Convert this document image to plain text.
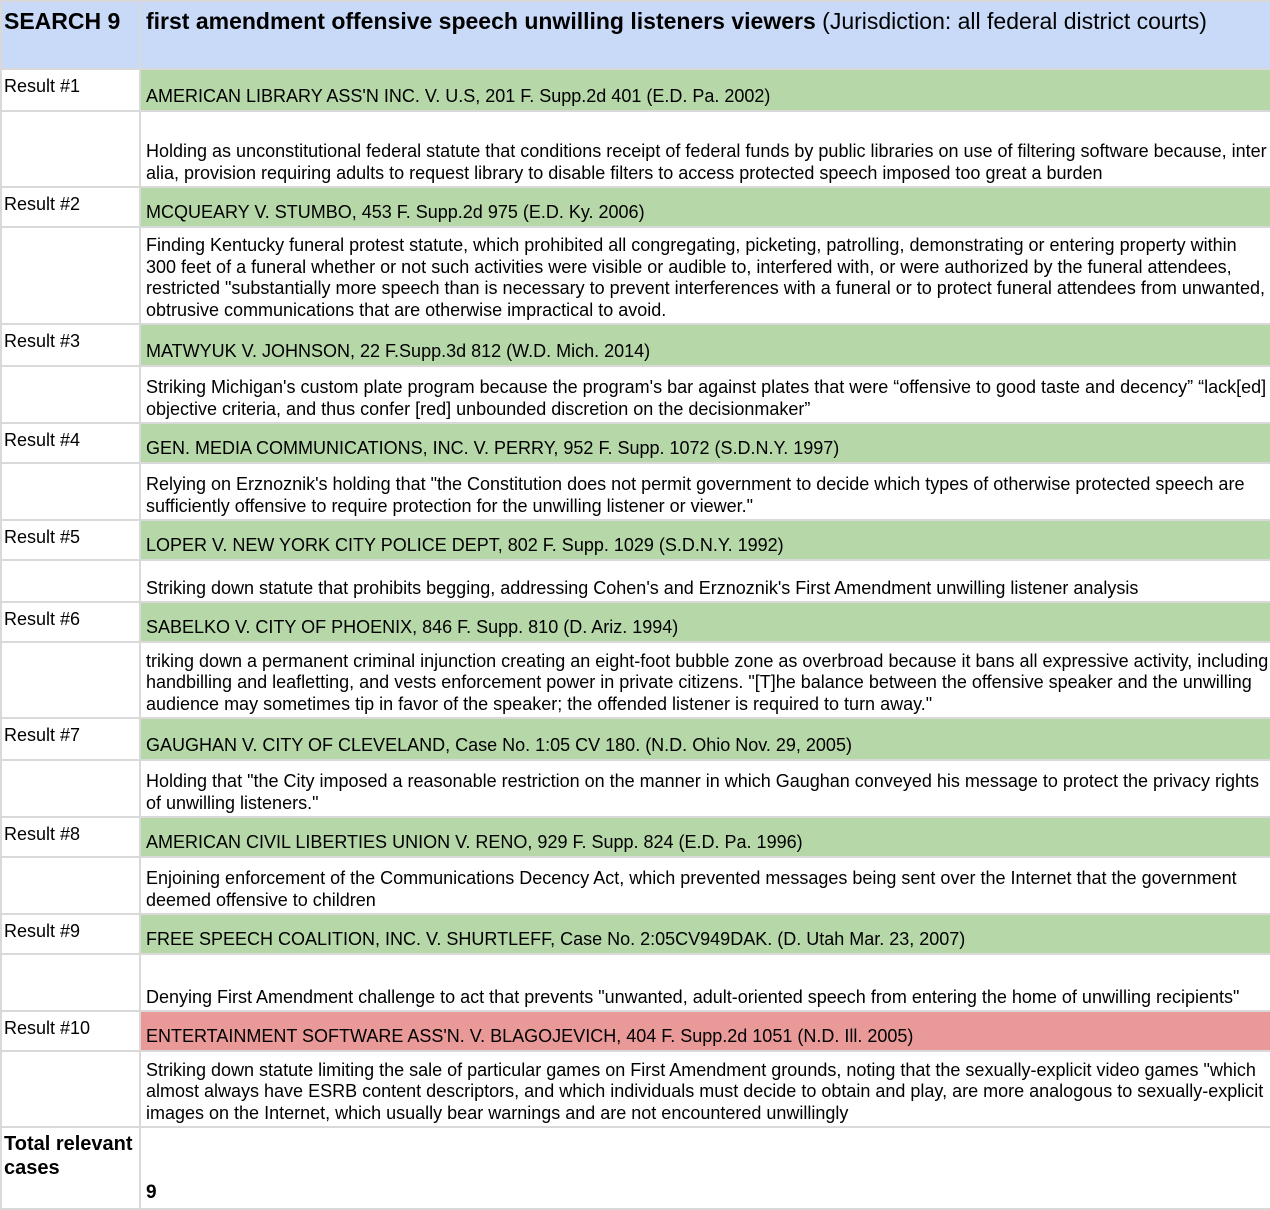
SEARCH 9	first amendment offensive speech unwilling listeners viewers (Jurisdiction: all federal district courts)
Result #1	AMERICAN LIBRARY ASS'N INC. V. U.S, 201 F. Supp.2d 401 (E.D. Pa. 2002)
	Holding as unconstitutional federal statute that conditions receipt of federal funds by public libraries on use of filtering software because, inter alia, provision requiring adults to request library to disable filters to access protected speech imposed too great a burden
Result #2	MCQUEARY V. STUMBO, 453 F. Supp.2d 975 (E.D. Ky. 2006)
	Finding Kentucky funeral protest statute, which prohibited all congregating, picketing, patrolling, demonstrating or entering property within 300 feet of a funeral whether or not such activities were visible or audible to, interfered with, or were authorized by the funeral attendees, restricted "substantially more speech than is necessary to prevent interferences with a funeral or to protect funeral attendees from unwanted, obtrusive communications that are otherwise impractical to avoid.
Result #3	MATWYUK V. JOHNSON, 22 F.Supp.3d 812 (W.D. Mich. 2014)
	Striking Michigan's custom plate program because the program's bar against plates that were “offensive to good taste and decency” “lack[ed] objective criteria, and thus confer [red] unbounded discretion on the decisionmaker”
Result #4	GEN. MEDIA COMMUNICATIONS, INC. V. PERRY, 952 F. Supp. 1072 (S.D.N.Y. 1997)
	Relying on Erznoznik's holding that "the Constitution does not permit government to decide which types of otherwise protected speech are sufficiently offensive to require protection for the unwilling listener or viewer."
Result #5	LOPER V. NEW YORK CITY POLICE DEPT, 802 F. Supp. 1029 (S.D.N.Y. 1992)
	Striking down statute that prohibits begging, addressing Cohen's and Erznoznik's First Amendment unwilling listener analysis
Result #6	SABELKO V. CITY OF PHOENIX, 846 F. Supp. 810 (D. Ariz. 1994)
	triking down a permanent criminal injunction creating an eight-foot bubble zone as overbroad because it bans all expressive activity, including handbilling and leafletting, and vests enforcement power in private citizens. "[T]he balance between the offensive speaker and the unwilling audience may sometimes tip in favor of the speaker; the offended listener is required to turn away."
Result #7	GAUGHAN V. CITY OF CLEVELAND, Case No. 1:05 CV 180. (N.D. Ohio Nov. 29, 2005)
	Holding that "the City imposed a reasonable restriction on the manner in which Gaughan conveyed his message to protect the privacy rights of unwilling listeners."
Result #8	AMERICAN CIVIL LIBERTIES UNION V. RENO, 929 F. Supp. 824 (E.D. Pa. 1996)
	Enjoining enforcement of the Communications Decency Act, which prevented messages being sent over the Internet that the government deemed offensive to children
Result #9	FREE SPEECH COALITION, INC. V. SHURTLEFF, Case No. 2:05CV949DAK. (D. Utah Mar. 23, 2007)
	Denying First Amendment challenge to act that prevents "unwanted, adult-oriented speech from entering the home of unwilling recipients"
Result #10	ENTERTAINMENT SOFTWARE ASS'N. V. BLAGOJEVICH, 404 F. Supp.2d 1051 (N.D. Ill. 2005)
	Striking down statute limiting the sale of particular games on First Amendment grounds, noting that the sexually-explicit video games "which almost always have ESRB content descriptors, and which individuals must decide to obtain and play, are more analogous to sexually-explicit images on the Internet, which usually bear warnings and are not encountered unwillingly
Total relevant cases	9
